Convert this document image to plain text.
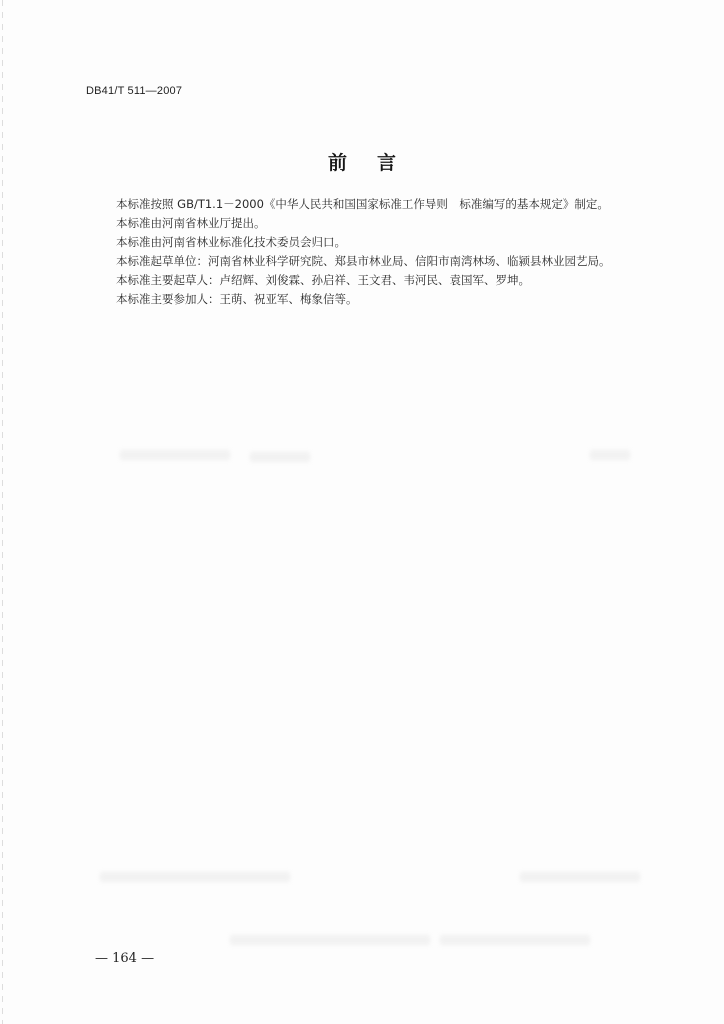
DB41/T 511—2007
前 言

本标准按照 GB/T1.1－2000《中华人民共和国国家标准工作导则　标准编写的基本规定》制定。

本标准由河南省林业厅提出。

本标准由河南省林业标准化技术委员会归口。

本标准起草单位：河南省林业科学研究院、郑县市林业局、信阳市南湾林场、临颍县林业园艺局。

本标准主要起草人：卢绍辉、刘俊霖、孙启祥、王文君、韦河民、袁国军、罗坤。

本标准主要参加人：王萌、祝亚军、梅象信等。

— 164 —
